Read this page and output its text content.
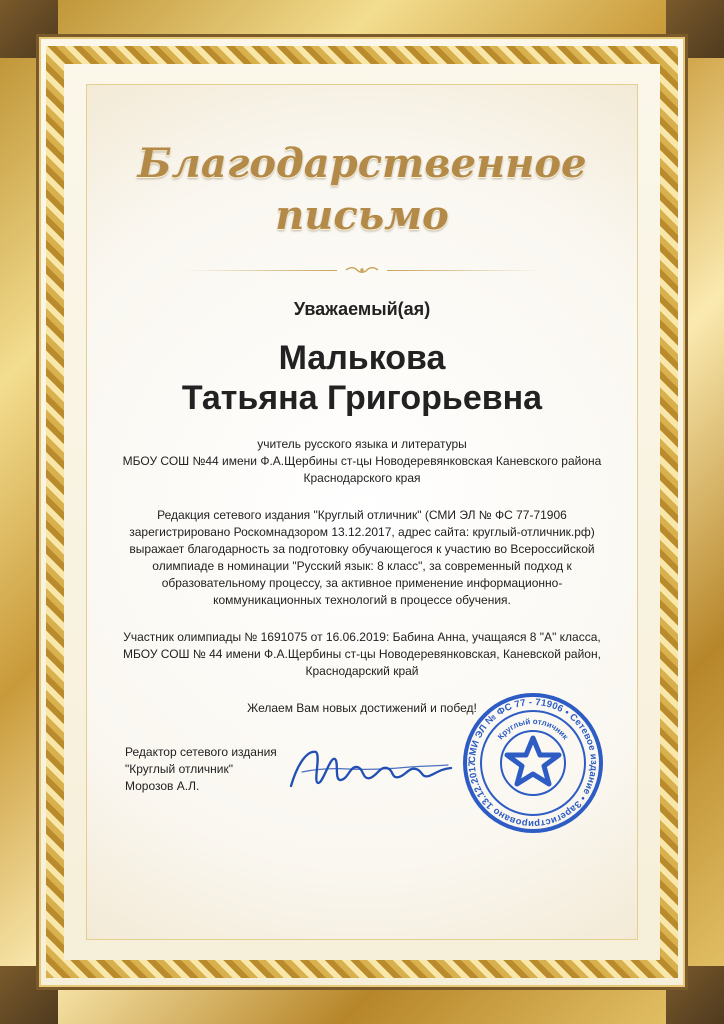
Благодарственное
письмо

Уважаемый(ая)

Малькова

Татьяна Григорьевна

учитель русского языка и литературы

МБОУ СОШ №44 имени Ф.А.Щербины ст-цы Новодеревянковская Каневского района

Краснодарского края

Редакция сетевого издания "Круглый отличник" (СМИ ЭЛ № ФС 77-71906

зарегистрировано Роскомнадзором 13.12.2017, адрес сайта: круглый-отличник.рф)

выражает благодарность за подготовку обучающегося к участию во Всероссийской

олимпиаде в номинации "Русский язык: 8 класс", за современный подход к

образовательному процессу, за активное применение информационно-

коммуникационных технологий в процессе обучения.

Участник олимпиады № 1691075 от 16.06.2019: Бабина Анна, учащаяся 8 "А" класса,

МБОУ СОШ № 44 имени Ф.А.Щербины ст-цы Новодеревянковская, Каневской район,

Краснодарский край

Желаем Вам новых достижений и побед!

Редактор сетевого издания
"Круглый отличник"
Морозов А.Л.
СМИ ЭЛ № ФС 77 - 71906 • Сетевое издание • Зарегистрировано 13.12.2017
Круглый отличник
